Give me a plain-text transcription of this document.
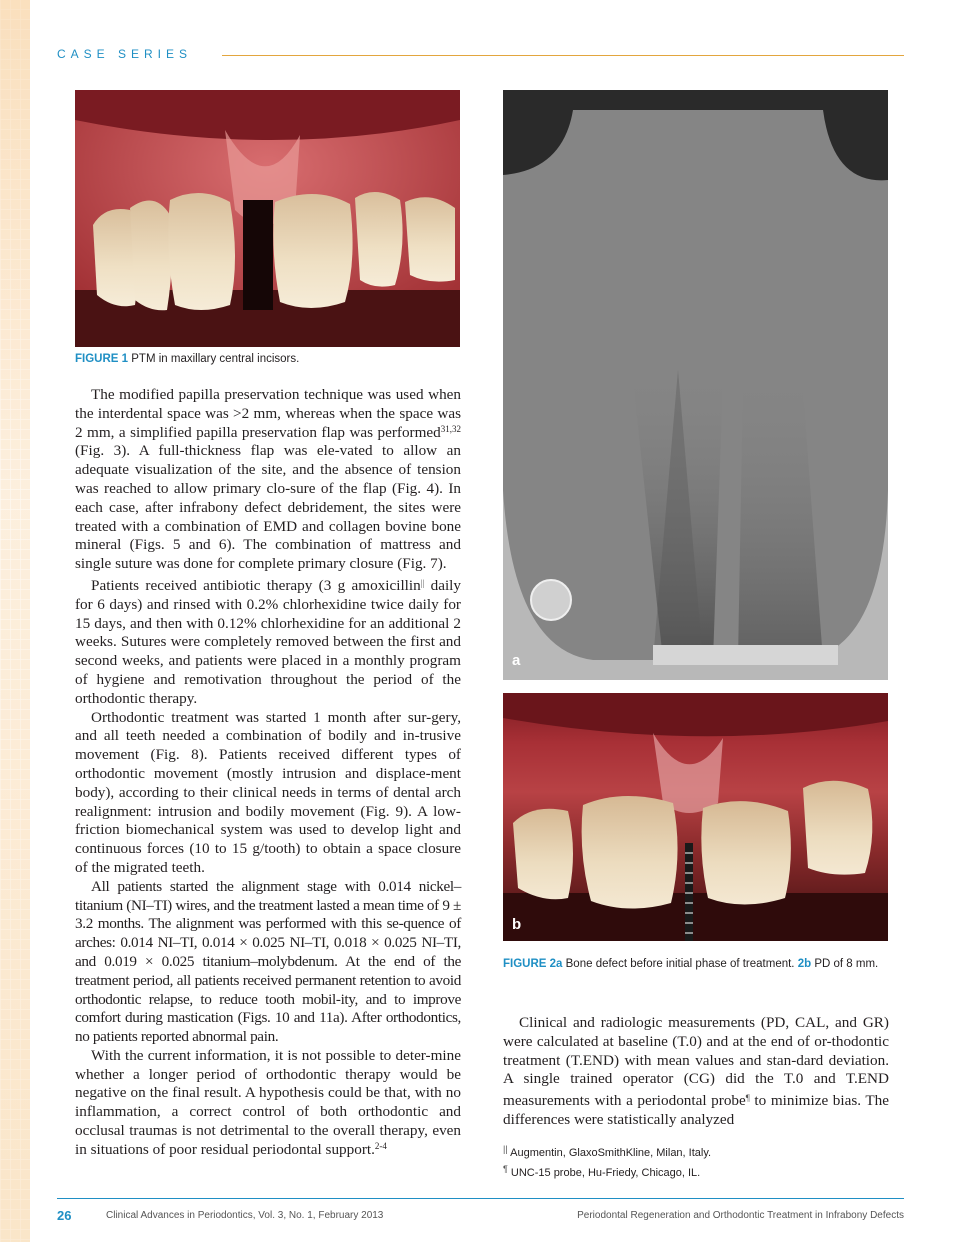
CASE SERIES
FIGURE 1 PTM in maxillary central incisors.
a
b
FIGURE 2a Bone defect before initial phase of treatment. 2b PD of 8 mm.

The modified papilla preservation technique was used when the interdental space was >2 mm, whereas when the space was 2 mm, a simplified papilla preservation flap was performed$^{31,32}$ (Fig. 3). A full-thickness flap was ele-vated to allow an adequate visualization of the site, and the absence of tension was reached to allow primary clo-sure of the flap (Fig. 4). In each case, after infrabony defect debridement, the sites were treated with a combination of EMD and collagen bovine bone mineral (Figs. 5 and 6). The combination of mattress and single suture was done for complete primary closure (Fig. 7).

Patients received antibiotic therapy (3 g amoxicillin|| daily for 6 days) and rinsed with 0.2% chlorhexidine twice daily for 15 days, and then with 0.12% chlorhexidine for an additional 2 weeks. Sutures were completely removed between the first and second weeks, and patients were placed in a monthly program of hygiene and remotivation throughout the period of the orthodontic therapy.

Orthodontic treatment was started 1 month after sur-gery, and all teeth needed a combination of bodily and in-trusive movement (Fig. 8). Patients received different types of orthodontic movement (mostly intrusion and displace-ment body), according to their clinical needs in terms of dental arch realignment: intrusion and bodily movement (Fig. 9). A low-friction biomechanical system was used to develop light and continuous forces (10 to 15 g/tooth) to obtain a space closure of the migrated teeth.

All patients started the alignment stage with 0.014 nickel–titanium (NI–TI) wires, and the treatment lasted a mean time of 9 ± 3.2 months. The alignment was performed with this se-quence of arches: 0.014 NI–TI, 0.014 × 0.025 NI–TI, 0.018 × 0.025 NI–TI, and 0.019 × 0.025 titanium–molybdenum. At the end of the treatment period, all patients received permanent retention to avoid orthodontic relapse, to reduce tooth mobil-ity, and to improve comfort during mastication (Figs. 10 and 11a). After orthodontics, no patients reported abnormal pain.

With the current information, it is not possible to deter-mine whether a longer period of orthodontic therapy would be negative on the final result. A hypothesis could be that, with no inflammation, a correct control of both orthodontic and occlusal traumas is not detrimental to the overall therapy, even in situations of poor residual periodontal support.$^{2-4}$

Clinical and radiologic measurements (PD, CAL, and GR) were calculated at baseline (T.0) and at the end of or-thodontic treatment (T.END) with mean values and stan-dard deviation. A single trained operator (CG) did the T.0 and T.END measurements with a periodontal probe¶ to minimize bias. The differences were statistically analyzed

|| Augmentin, GlaxoSmithKline, Milan, Italy.
¶ UNC-15 probe, Hu-Friedy, Chicago, IL.
26	Clinical Advances in Periodontics, Vol. 3, No. 1, February 2013	Periodontal Regeneration and Orthodontic Treatment in Infrabony Defects
